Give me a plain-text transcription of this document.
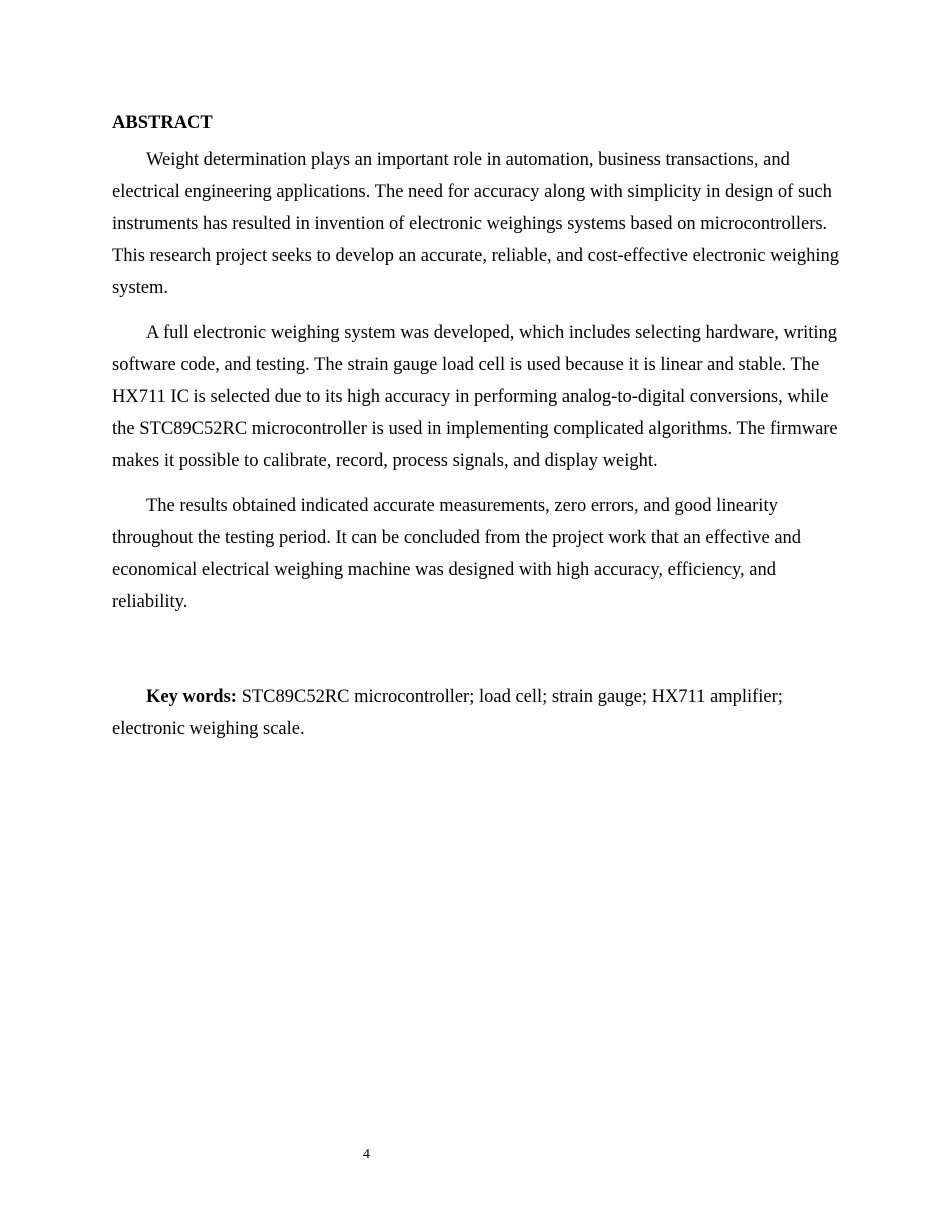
ABSTRACT

Weight determination plays an important role in automation, business transactions, and electrical engineering applications. The need for accuracy along with simplicity in design of such instruments has resulted in invention of electronic weighings systems based on microcontrollers. This research project seeks to develop an accurate, reliable, and cost-effective electronic weighing system.

A full electronic weighing system was developed, which includes selecting hardware, writing software code, and testing. The strain gauge load cell is used because it is linear and stable. The HX711 IC is selected due to its high accuracy in performing analog-to-digital conversions, while the STC89C52RC microcontroller is used in implementing complicated algorithms. The firmware makes it possible to calibrate, record, process signals, and display weight.

The results obtained indicated accurate measurements, zero errors, and good linearity throughout the testing period. It can be concluded from the project work that an effective and economical electrical weighing machine was designed with high accuracy, efficiency, and reliability.

Key words: STC89C52RC microcontroller; load cell; strain gauge; HX711 amplifier; electronic weighing scale.

4
